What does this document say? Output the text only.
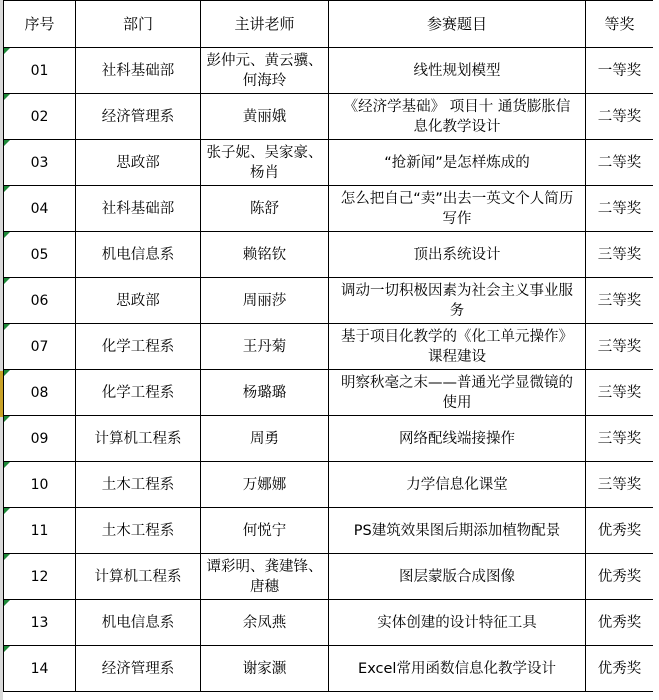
序号	部门	主讲老师	参赛题目	等奖

01	社科基础部	彭仲元、黄云骥、何海玲	线性规划模型	一等奖

02	经济管理系	黄丽娥	《经济学基础》 项目十 通货膨胀信息化教学设计	二等奖

03	思政部	张子妮、吴家豪、杨肖	“抢新闻”是怎样炼成的	二等奖

04	社科基础部	陈舒	怎么把自己“卖”出去一英文个人简历写作	二等奖

05	机电信息系	赖铭钦	顶出系统设计	三等奖

06	思政部	周丽莎	调动一切积极因素为社会主义事业服务	三等奖

07	化学工程系	王丹菊	基于项目化教学的《化工单元操作》课程建设	三等奖

08	化学工程系	杨璐璐	明察秋毫之末——普通光学显微镜的使用	三等奖

09	计算机工程系	周勇	网络配线端接操作	三等奖

10	土木工程系	万娜娜	力学信息化课堂	三等奖

11	土木工程系	何悦宁	PS建筑效果图后期添加植物配景	优秀奖

12	计算机工程系	谭彩明、龚建锋、唐穗	图层蒙版合成图像	优秀奖

13	机电信息系	余凤燕	实体创建的设计特征工具	优秀奖

14	经济管理系	谢家灏	Excel常用函数信息化教学设计	优秀奖
